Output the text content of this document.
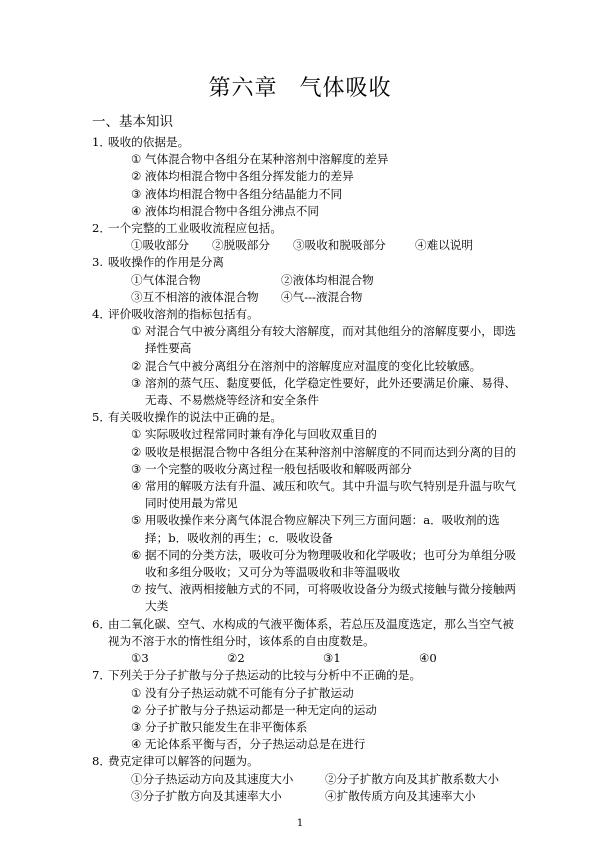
第六章 气体吸收
一、基本知识
1．
吸收的依据是。
① 气体混合物中各组分在某种溶剂中溶解度的差异
② 液体均相混合物中各组分挥发能力的差异
③ 液体均相混合物中各组分结晶能力不同
④ 液体均相混合物中各组分沸点不同
2．
一个完整的工业吸收流程应包括。
①吸收部分	②脱吸部分	③吸收和脱吸部分	④难以说明
3. 吸收操作的作用是分离
①气体混合物	②液体均相混合物
③互不相溶的液体混合物	④气---液混合物
4．
评价吸收溶剂的指标包括有。
① 对混合气中被分离组分有较大溶解度，而对其他组分的溶解度要小，即选择性要高
② 混合气中被分离组分在溶剂中的溶解度应对温度的变化比较敏感。
③ 溶剂的蒸气压、黏度要低，化学稳定性要好，此外还要满足价廉、易得、无毒、不易燃烧等经济和安全条件
5．
有关吸收操作的说法中正确的是。
① 实际吸收过程常同时兼有净化与回收双重目的
② 吸收是根据混合物中各组分在某种溶剂中溶解度的不同而达到分离的目的
③ 一个完整的吸收分离过程一般包括吸收和解吸两部分
④ 常用的解吸方法有升温、减压和吹气。其中升温与吹气特别是升温与吹气同时使用最为常见
⑤ 用吸收操作来分离气体混合物应解决下列三方面问题：a．吸收剂的选择；b．吸收剂的再生；c．吸收设备
⑥ 据不同的分类方法，吸收可分为物理吸收和化学吸收；也可分为单组分吸收和多组分吸收；又可分为等温吸收和非等温吸收
⑦ 按气、液两相接触方式的不同，可将吸收设备分为级式接触与微分接触两大类
6．
由二氧化碳、空气、水构成的气液平衡体系，若总压及温度选定，那么当空气被视为不溶于水的惰性组分时，该体系的自由度数是。
①3	②2	③1	④0
7．
下列关于分子扩散与分子热运动的比较与分析中不正确的是。
① 没有分子热运动就不可能有分子扩散运动
② 分子扩散与分子热运动都是一种无定向的运动
③ 分子扩散只能发生在非平衡体系
④ 无论体系平衡与否，分子热运动总是在进行
8．
费克定律可以解答的问题为。
①分子热运动方向及其速度大小	②分子扩散方向及其扩散系数大小
③分子扩散方向及其速率大小	④扩散传质方向及其速率大小
1
